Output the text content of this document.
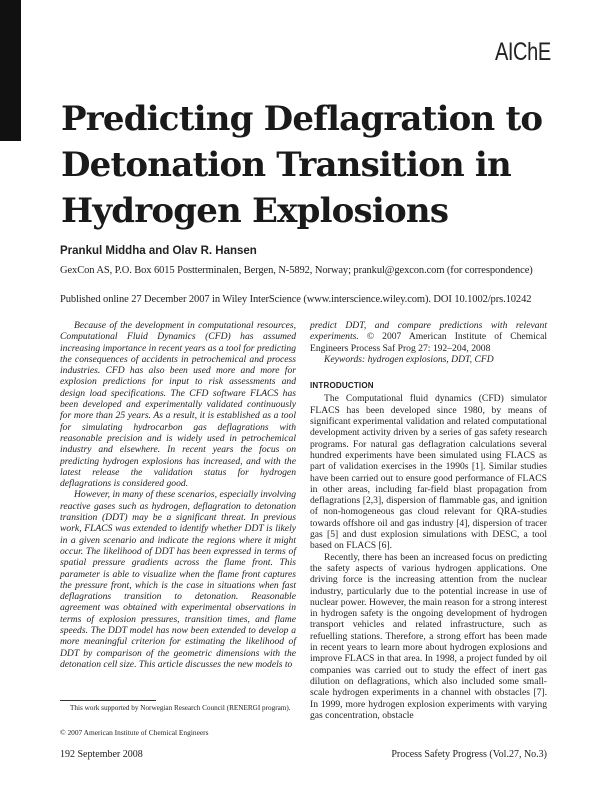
AIChE
Predicting Deflagration to
Detonation Transition in
Hydrogen Explosions
Prankul Middha and Olav R. Hansen
GexCon AS, P.O. Box 6015 Postterminalen, Bergen, N-5892, Norway; prankul@gexcon.com (for correspondence)
Published online 27 December 2007 in Wiley InterScience (www.interscience.wiley.com). DOI 10.1002/prs.10242

Because of the development in computational resources, Computational Fluid Dynamics (CFD) has assumed increasing importance in recent years as a tool for predicting the consequences of accidents in petrochemical and process industries. CFD has also been used more and more for explosion predictions for input to risk assessments and design load specifications. The CFD software FLACS has been developed and experimentally validated continuously for more than 25 years. As a result, it is established as a tool for simulating hydrocarbon gas deflagrations with reasonable precision and is widely used in petrochemical industry and elsewhere. In recent years the focus on predicting hydrogen explosions has increased, and with the latest release the validation status for hydrogen deflagrations is considered good.

However, in many of these scenarios, especially involving reactive gases such as hydrogen, deflagration to detonation transition (DDT) may be a significant threat. In previous work, FLACS was extended to identify whether DDT is likely in a given scenario and indicate the regions where it might occur. The likelihood of DDT has been expressed in terms of spatial pressure gradients across the flame front. This parameter is able to visualize when the flame front captures the pressure front, which is the case in situations when fast deflagrations transition to detonation. Reasonable agreement was obtained with experimental observations in terms of explosion pressures, transition times, and flame speeds. The DDT model has now been extended to develop a more meaningful criterion for estimating the likelihood of DDT by comparison of the geometric dimensions with the detonation cell size. This article discusses the new models to

predict DDT, and compare predictions with relevant experiments. © 2007 American Institute of Chemical Engineers Process Saf Prog 27: 192–204, 2008

Keywords: hydrogen explosions, DDT, CFD

INTRODUCTION

The Computational fluid dynamics (CFD) simulator FLACS has been developed since 1980, by means of significant experimental validation and related computational development activity driven by a series of gas safety research programs. For natural gas deflagration calculations several hundred experiments have been simulated using FLACS as part of validation exercises in the 1990s [1]. Similar studies have been carried out to ensure good performance of FLACS in other areas, including far-field blast propagation from deflagrations [2,3], dispersion of flammable gas, and ignition of non-homogeneous gas cloud relevant for QRA-studies towards offshore oil and gas industry [4], dispersion of tracer gas [5] and dust explosion simulations with DESC, a tool based on FLACS [6].

Recently, there has been an increased focus on predicting the safety aspects of various hydrogen applications. One driving force is the increasing attention from the nuclear industry, particularly due to the potential increase in use of nuclear power. However, the main reason for a strong interest in hydrogen safety is the ongoing development of hydrogen transport vehicles and related infrastructure, such as refuelling stations. Therefore, a strong effort has been made in recent years to learn more about hydrogen explosions and improve FLACS in that area. In 1998, a project funded by oil companies was carried out to study the effect of inert gas dilution on deflagrations, which also included some small-scale hydrogen experiments in a channel with obstacles [7]. In 1999, more hydrogen explosion experiments with varying gas concentration, obstacle

This work supported by Norwegian Research Council (RENERGI program).
© 2007 American Institute of Chemical Engineers
192 September 2008	Process Safety Progress (Vol.27, No.3)
